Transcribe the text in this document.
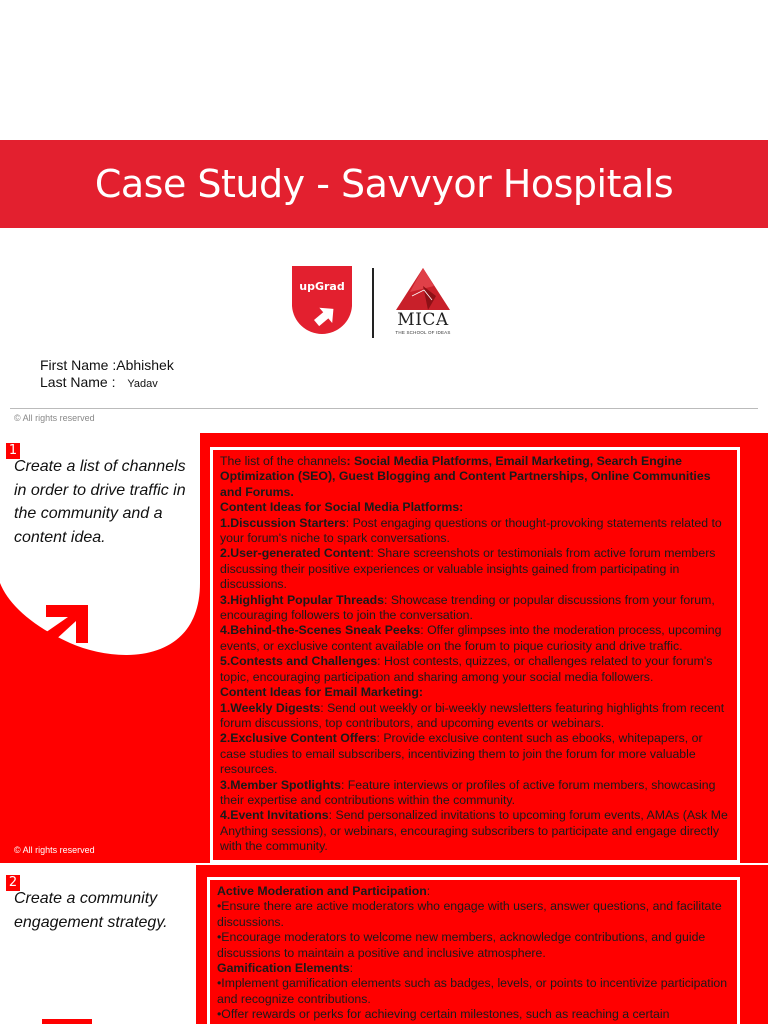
Case Study - Savvyor Hospitals
upGrad
MICA
THE SCHOOL OF IDEAS
First Name : Abhishek
Last Name : Yadav
© All rights reserved
1
Create a list of channels in order to drive traffic in the community and a content idea.
© All rights reserved

The list of the channels: Social Media Platforms, Email Marketing, Search Engine Optimization (SEO), Guest Blogging and Content Partnerships, Online Communities and Forums.

Content Ideas for Social Media Platforms:

1.Discussion Starters: Post engaging questions or thought-provoking statements related to your forum's niche to spark conversations.

2.User-generated Content: Share screenshots or testimonials from active forum members discussing their positive experiences or valuable insights gained from participating in discussions.

3.Highlight Popular Threads: Showcase trending or popular discussions from your forum, encouraging followers to join the conversation.

4.Behind-the-Scenes Sneak Peeks: Offer glimpses into the moderation process, upcoming events, or exclusive content available on the forum to pique curiosity and drive traffic.

5.Contests and Challenges: Host contests, quizzes, or challenges related to your forum's topic, encouraging participation and sharing among your social media followers.

Content Ideas for Email Marketing:

1.Weekly Digests: Send out weekly or bi-weekly newsletters featuring highlights from recent forum discussions, top contributors, and upcoming events or webinars.

2.Exclusive Content Offers: Provide exclusive content such as ebooks, whitepapers, or case studies to email subscribers, incentivizing them to join the forum for more valuable resources.

3.Member Spotlights: Feature interviews or profiles of active forum members, showcasing their expertise and contributions within the community.

4.Event Invitations: Send personalized invitations to upcoming forum events, AMAs (Ask Me Anything sessions), or webinars, encouraging subscribers to participate and engage directly with the community.

2
Create a community engagement strategy.

Active Moderation and Participation:

•Ensure there are active moderators who engage with users, answer questions, and facilitate discussions.

•Encourage moderators to welcome new members, acknowledge contributions, and guide discussions to maintain a positive and inclusive atmosphere.

Gamification Elements:

•Implement gamification elements such as badges, levels, or points to incentivize participation and recognize contributions.

•Offer rewards or perks for achieving certain milestones, such as reaching a certain
